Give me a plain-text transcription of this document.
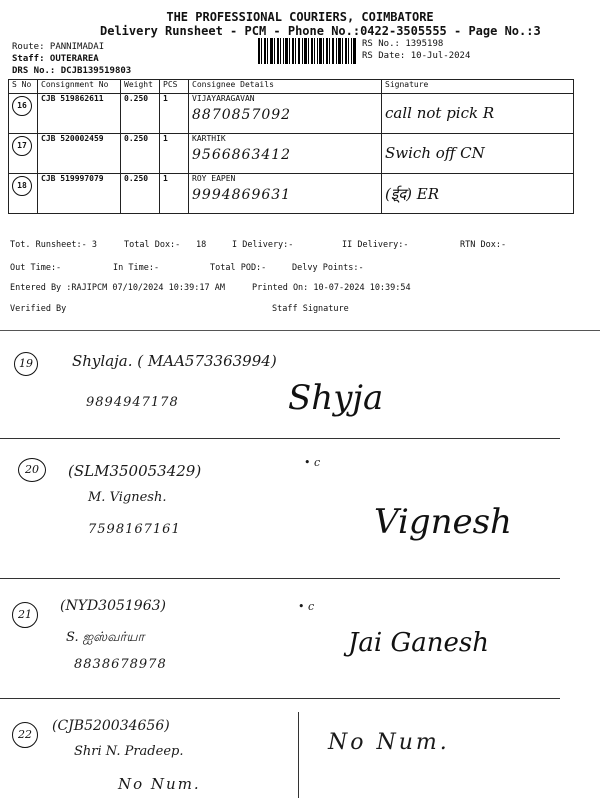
THE PROFESSIONAL COURIERS, COIMBATORE
Delivery Runsheet - PCM - Phone No.:0422-3505555 - Page No.:3
Route: PANNIMADAI
Staff: OUTERAREA
DRS No.: DCJB139519803
RS No.: 1395198
RS Date: 10-Jul-2024
S No	Consignment No	Weight	PCS	Consignee Details	Signature
16	CJB 519862611	0.250	1	VIJAYARAGAVAN
8870857092	call not pick R

17	CJB 520002459	0.250	1	KARTHIK
9566863412	Swich off CN

18	CJB 519997079	0.250	1	ROY EAPEN
9994869631	(ई्द) ER
Tot. Runsheet:- 3	Total Dox:- 18	I Delivery:-	II Delivery:-	RTN Dox:-
Out Time:-	In Time:-	Total POD:-	Delvy Points:-
Entered By :RAJIPCM 07/10/2024 10:39:17 AM	Printed On: 10-07-2024 10:39:54
Verified By	Staff Signature
19	Shylaja. ( MAA573363994)
9894947178	Shyja
20	(SLM350053429)
M. Vignesh.
7598167161	Vignesh
• c
21
(NYD3051963)
S. ஐஸ்வர்யா
8838678978
Jai Ganesh
• c
22
(CJB520034656)
Shri N. Pradeep.
No Num.
No Num.
